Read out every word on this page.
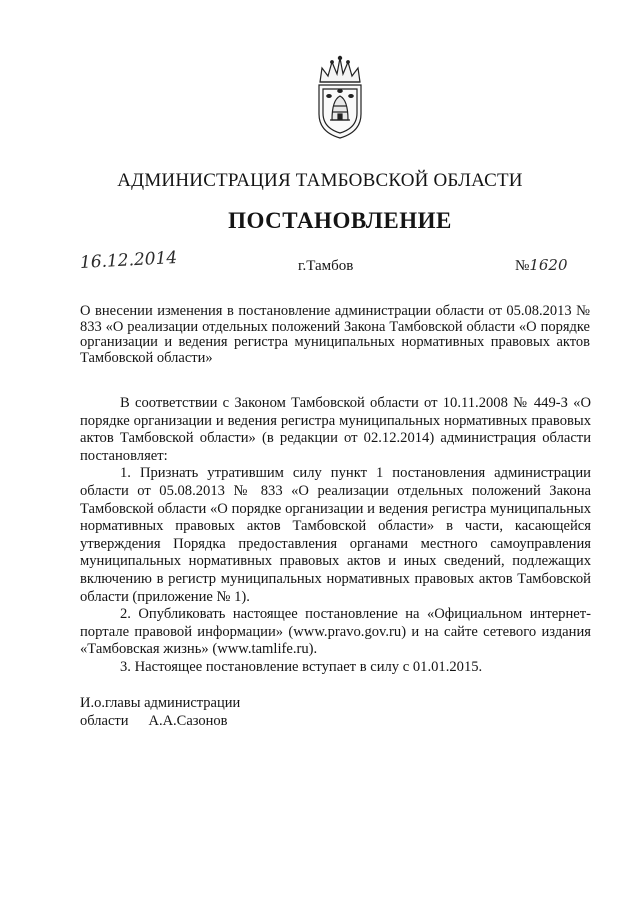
АДМИНИСТРАЦИЯ ТАМБОВСКОЙ ОБЛАСТИ
ПОСТАНОВЛЕНИЕ
16.12.2014	г.Тамбов	№1620
О внесении изменения в постановление администрации области от 05.08.2013 № 833 «О реализации отдельных положений Закона Тамбовской области «О порядке организации и ведения регистра муниципальных нормативных правовых актов Тамбовской области»

В соответствии с Законом Тамбовской области от 10.11.2008 № 449-З «О порядке организации и ведения регистра муниципальных нормативных правовых актов Тамбовской области» (в редакции от 02.12.2014) администрация области постановляет:

1. Признать утратившим силу пункт 1 постановления администрации области от 05.08.2013 № 833 «О реализации отдельных положений Закона Тамбовской области «О порядке организации и ведения регистра муниципальных нормативных правовых актов Тамбовской области» в части, касающейся утверждения Порядка предоставления органами местного самоуправления муниципальных нормативных правовых актов и иных сведений, подлежащих включению в регистр муниципальных нормативных правовых актов Тамбовской области (приложение № 1).

2. Опубликовать настоящее постановление на «Официальном интернет-портале правовой информации» (www.pravo.gov.ru) и на сайте сетевого издания «Тамбовская жизнь» (www.tamlife.ru).

3. Настоящее постановление вступает в силу с 01.01.2015.

И.о.главы администрации
области А.А.Сазонов
